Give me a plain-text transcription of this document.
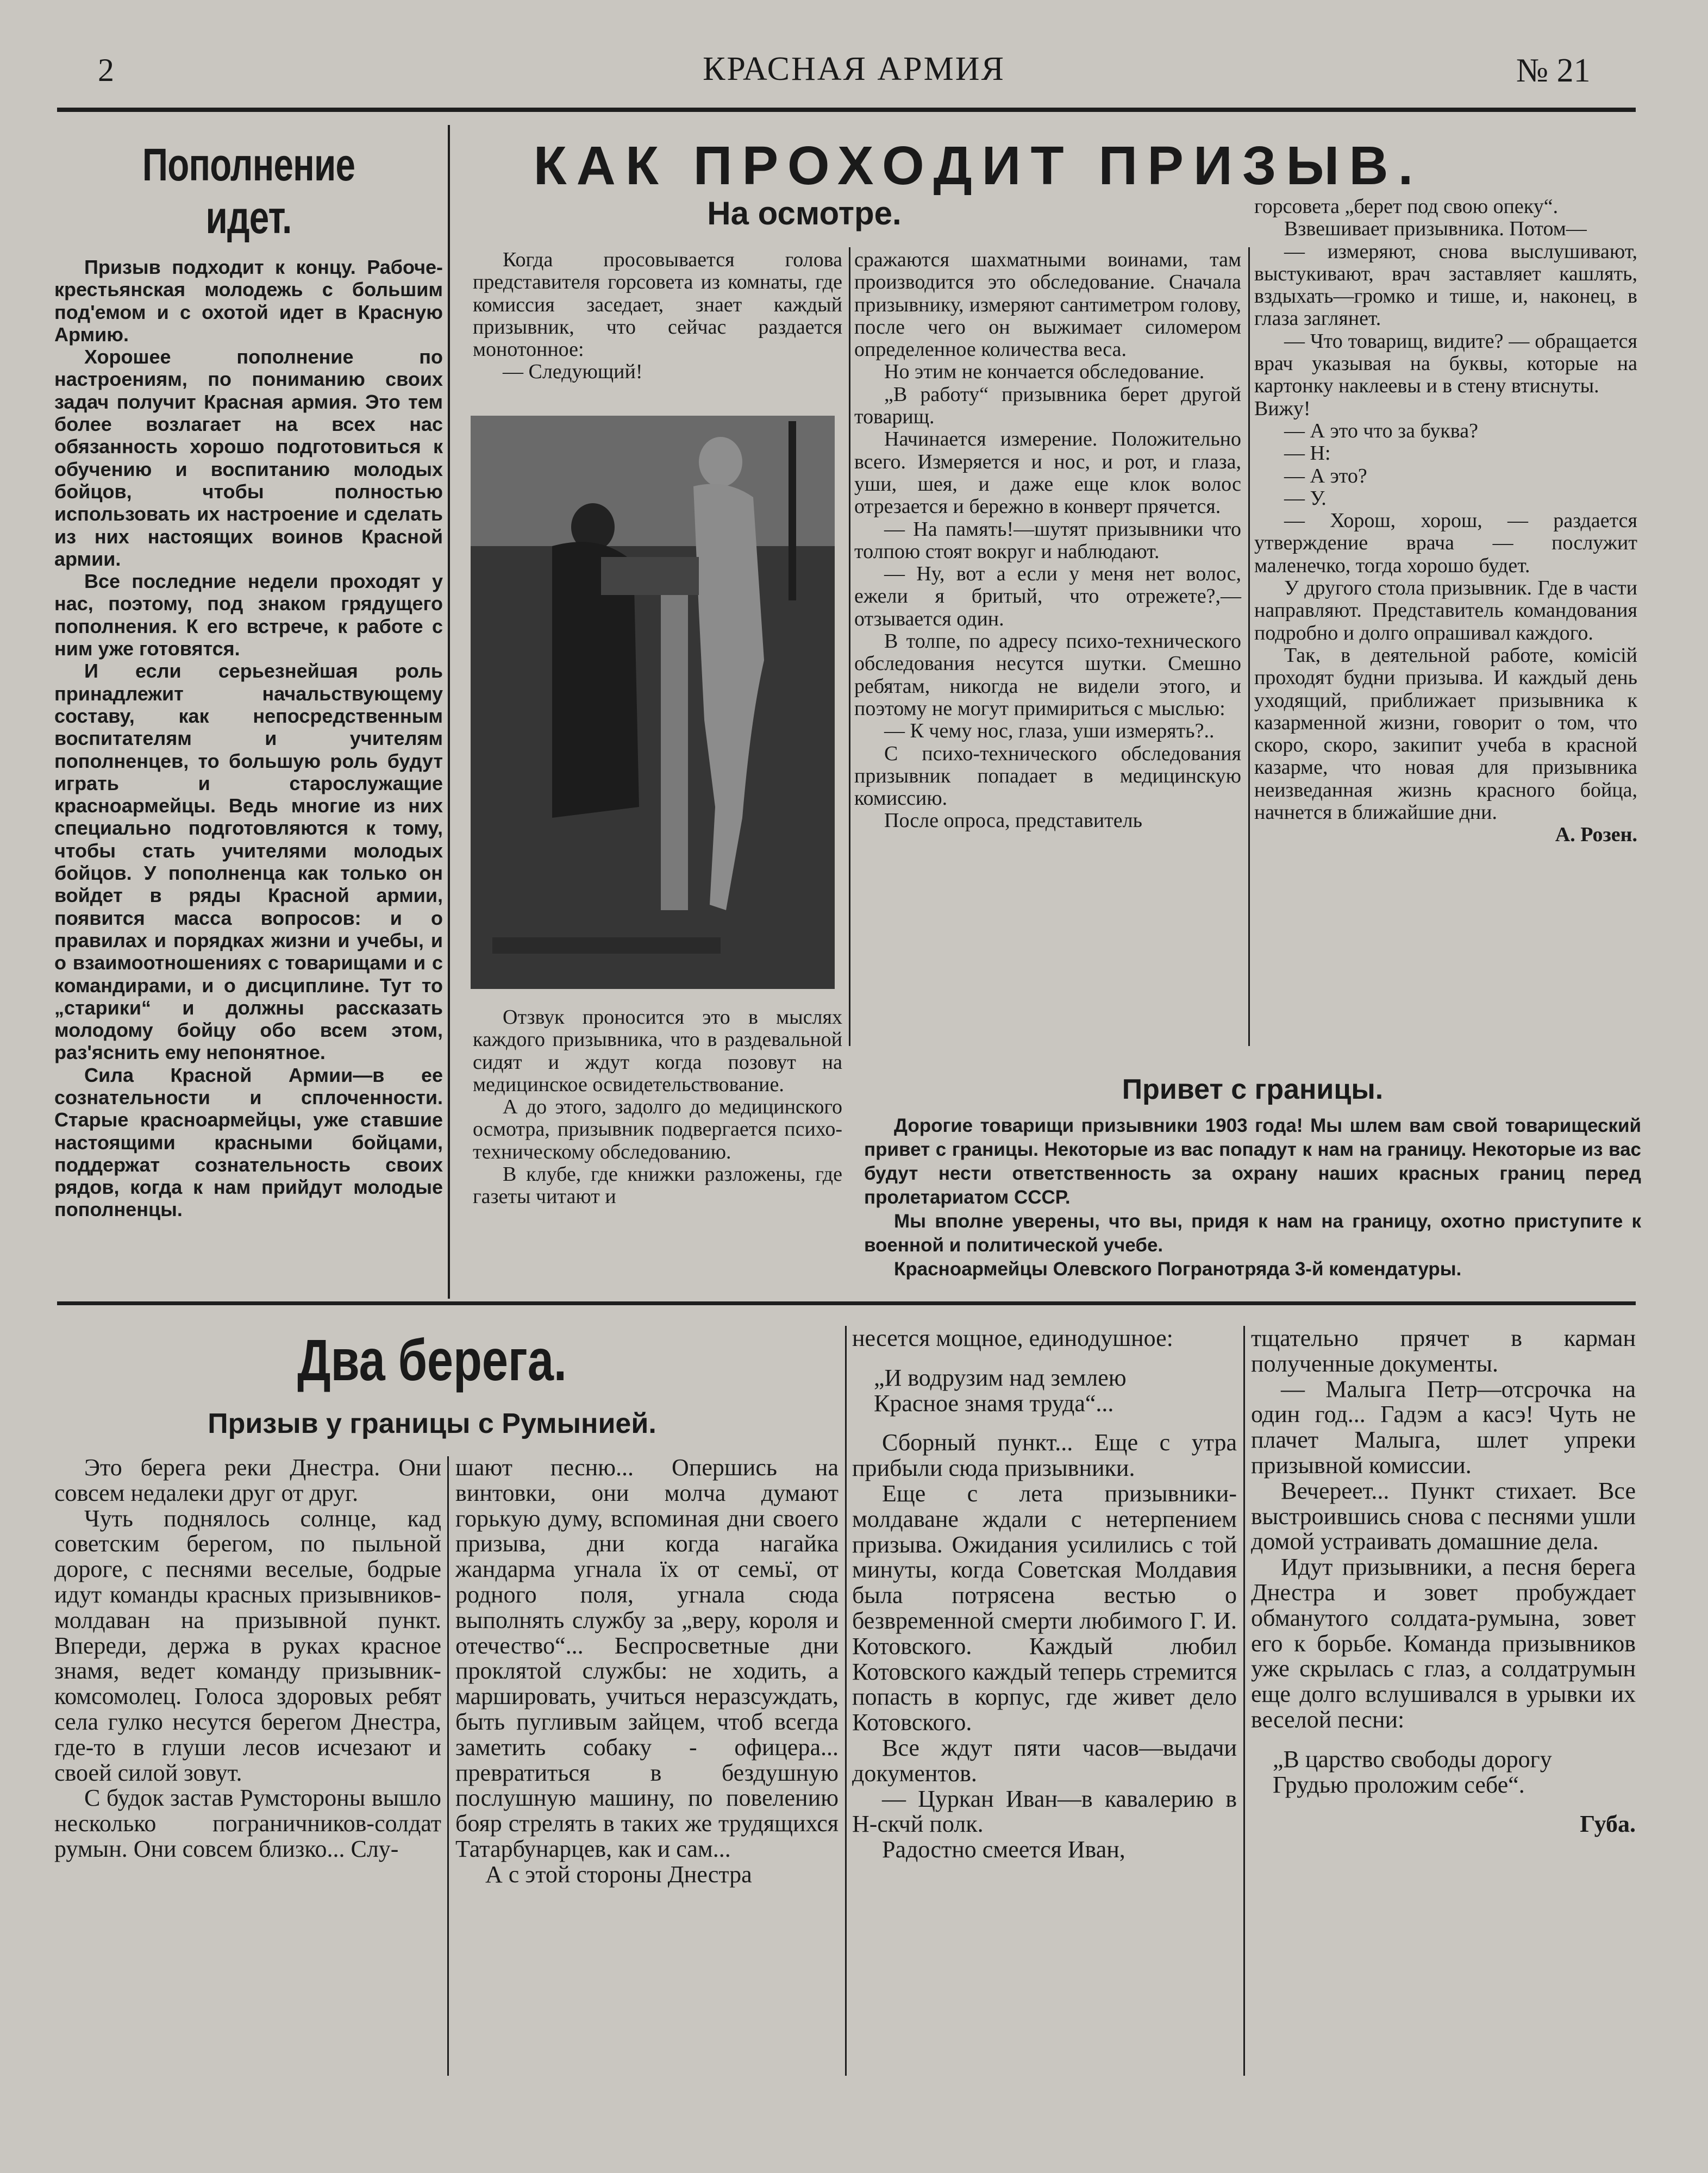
2	КРАСНАЯ АРМИЯ	№ 21
Пополнение идет.

Призыв подходит к концу. Рабоче-крестьянская молодежь с большим под'емом и с охотой идет в Красную Армию.

Хорошее пополнение по настроениям, по пониманию своих задач получит Красная армия. Это тем более возлагает на всех нас обязанность хорошо подготовиться к обучению и воспитанию молодых бойцов, чтобы полностью использовать их настроение и сделать из них настоящих воинов Красной армии.

Все последние недели проходят у нас, поэтому, под знаком грядущего пополнения. К его встрече, к работе с ним уже готовятся.

И если серьезнейшая роль принадлежит начальствующему составу, как непосредственным воспитателям и учителям пополненцев, то большую роль будут играть и старослужащие красноармейцы. Ведь многие из них специально подготовляются к тому, чтобы стать учителями молодых бойцов. У пополненца как только он войдет в ряды Красной армии, появится масса вопросов: и о правилах и порядках жизни и учебы, и о взаимоотношениях с товарищами и с командирами, и о дисциплине. Тут то „старики“ и должны рассказать молодому бойцу обо всем этом, раз'яснить ему непонятное.

Сила Красной Армии—в ее сознательности и сплоченности. Старые красноармейцы, уже ставшие настоящими красными бойцами, поддержат сознательность своих рядов, когда к нам прийдут молодые пополненцы.

КАК ПРОХОДИТ ПРИЗЫВ.
На осмотре.

Когда просовывается голова представителя горсовета из комнаты, где комиссия заседает, знает каждый призывник, что сейчас раздается монотонное:

— Следующий!

Отзвук проносится это в мыслях каждого призывника, что в раздевальной сидят и ждут когда позовут на медицинское освидетельствование.

А до этого, задолго до медицинского осмотра, призывник подвергается психо-техническому обследованию.

В клубе, где книжки разложены, где газеты читают и

сражаются шахматными воинами, там производится это обследование. Сначала призывнику, измеряют сантиметром голову, после чего он выжимает силомером определенное количества веса.

Но этим не кончается обследование.

„В работу“ призывника берет другой товарищ.

Начинается измерение. Положительно всего. Измеряется и нос, и рот, и глаза, уши, шея, и даже еще клок волос отрезается и бережно в конверт прячется.

— На память!—шутят призывники что толпою стоят вокруг и наблюдают.

— Ну, вот а если у меня нет волос, ежели я бритый, что отрежете?,—отзывается один.

В толпе, по адресу психо-технического обследования несутся шутки. Смешно ребятам, никогда не видели этого, и поэтому не могут примириться с мыслью:

— К чему нос, глаза, уши измерять?..

С психо-технического обследования призывник попадает в медицинскую комиссию.

После опроса, представитель

горсовета „берет под свою опеку“.

Взвешивает призывника. Потом—

— измеряют, снова выслушивают, выстукивают, врач заставляет кашлять, вздыхать—громко и тише, и, наконец, в глаза заглянет.

— Что товарищ, видите? — обращается врач указывая на буквы, которые на картонку наклеевы и в стену втиснуты.

Вижу!

— А это что за буква?

— Н:

— А это?

— У.

— Хорош, хорош, — раздается утверждение врача — послужит маленечко, тогда хорошо будет.

У другого стола призывник. Где в части направляют. Представитель командования подробно и долго опрашивал каждого.

Так, в деятельной работе, комісій проходят будни призыва. И каждый день уходящий, приближает призывника к казарменной жизни, говорит о том, что скоро, скоро, закипит учеба в красной казарме, что новая для призывника неизведанная жизнь красного бойца, начнется в ближайшие дни.

А. Розен.

Привет с границы.

Дорогие товарищи призывники 1903 года! Мы шлем вам свой товарищеский привет с границы. Некоторые из вас попадут к нам на границу. Некоторые из вас будут нести ответственность за охрану наших красных границ перед пролетариатом СССР.

Мы вполне уверены, что вы, придя к нам на границу, охотно приступите к военной и политической учебе.

Красноармейцы Олевского Погранотряда 3-й комендатуры.

Два берега.
Призыв у границы с Румынией.

Это берега реки Днестра. Они совсем недалеки друг от друг.

Чуть поднялось солнце, кад советским берегом, по пыльной дороге, с песнями веселые, бодрые идут команды красных призывников-молдаван на призывной пункт. Впереди, держа в руках красное знамя, ведет команду призывник-комсомолец. Голоса здоровых ребят села гулко несутся берегом Днестра, где-то в глуши лесов исчезают и своей силой зовут.

С будок застав Румстороны вышло несколько пограничников-солдат румын. Они совсем близко... Слу-

шают песню... Опершись на винтовки, они молча думают горькую думу, вспоминая дни своего призыва, дни когда нагайка жандарма угнала їх от семьї, от родного поля, угнала сюда выполнять службу за „веру, короля и отечество“... Беспросветные дни проклятой службы: не ходить, а маршировать, учиться неразсуждать, быть пугливым зайцем, чтоб всегда заметить собаку - офицера... превратиться в бездушную послушную машину, по повелению бояр стрелять в таких же трудящихся Татарбунарцев, как и сам...

А с этой стороны Днестра

несется мощное, единодушное:

„И водрузим над землею
Красное знамя труда“...

Сборный пункт... Еще с утра прибыли сюда призывники.

Еще с лета призывники-молдаване ждали с нетерпением призыва. Ожидания усилились с той минуты, когда Советская Молдавия была потрясена вестью о безвременной смерти любимого Г. И. Котовского. Каждый любил Котовского каждый теперь стремится попасть в корпус, где живет дело Котовского.

Все ждут пяти часов—выдачи документов.

— Цуркан Иван—в кавалерию в Н-скчй полк.

Радостно смеется Иван,

тщательно прячет в карман полученные документы.

— Малыга Петр—отсрочка на один год... Гадэм а касэ! Чуть не плачет Малыга, шлет упреки призывной комиссии.

Вечереет... Пункт стихает. Все выстроившись снова с песнями ушли домой устраивать домашние дела.

Идут призывники, а песня берега Днестра и зовет пробуждает обманутого солдата-румына, зовет его к борьбе. Команда призывников уже скрылась с глаз, а солдатрумын еще долго вслушивался в урывки их веселой песни:

„В царство свободы дорогу
Грудью проложим себе“.

Губа.
